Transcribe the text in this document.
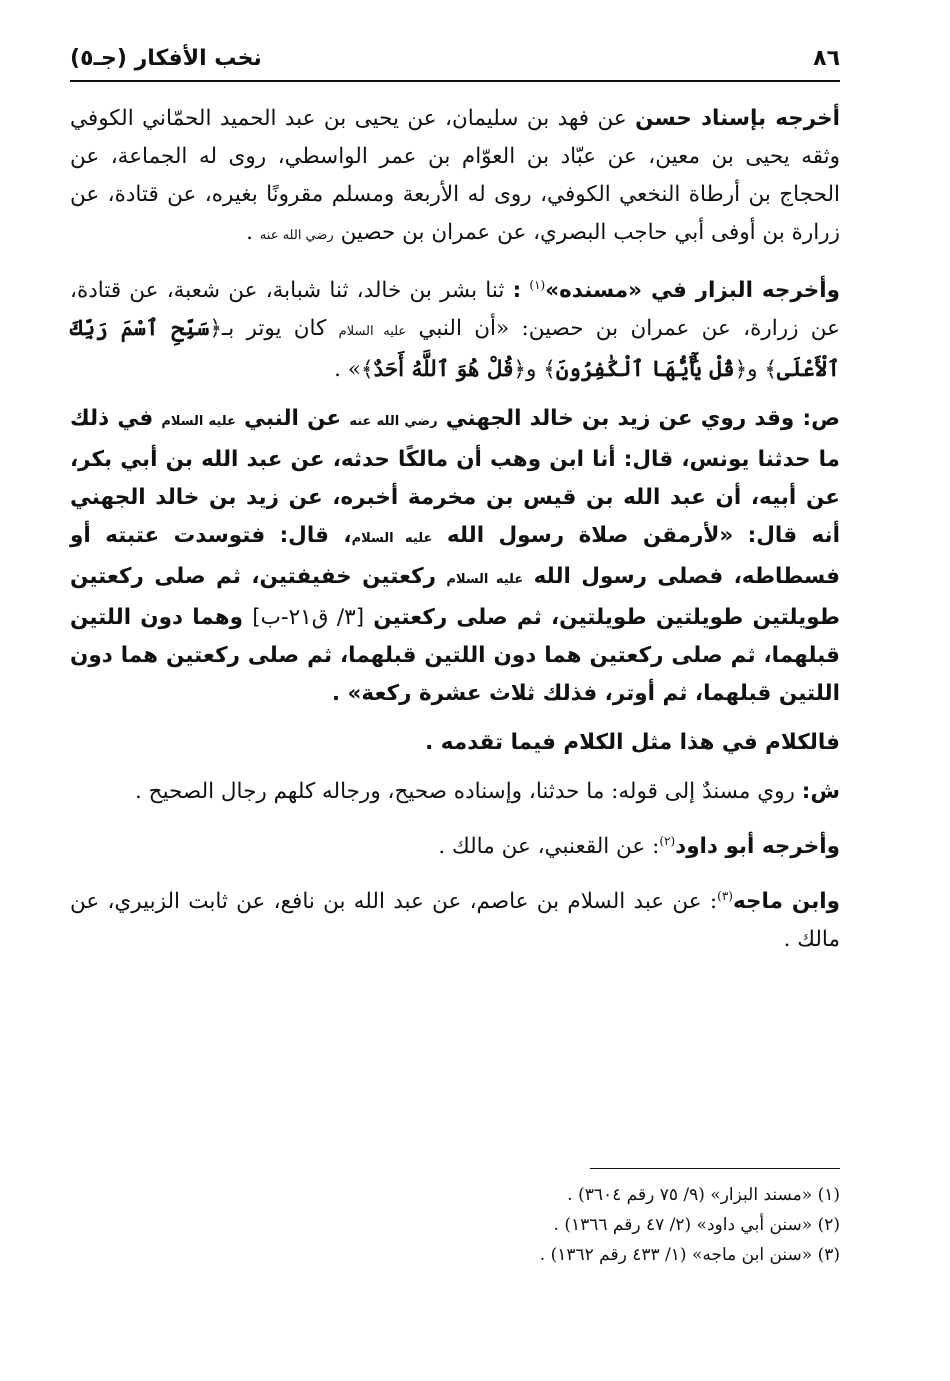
٨٦
نخب الأفكار (جـ٥)

أخرجه بإسناد حسن عن فهد بن سليمان، عن يحيى بن عبد الحميد الحمّاني الكوفي وثقه يحيى بن معين، عن عبّاد بن العوّام بن عمر الواسطي، روى له الجماعة، عن الحجاج بن أرطاة النخعي الكوفي، روى له الأربعة ومسلم مقرونًا بغيره، عن قتادة، عن زرارة بن أوفى أبي حاجب البصري، عن عمران بن حصين رضي الله عنه .

وأخرجه البزار في «مسنده»$^{(١)}$ : ثنا بشر بن خالد، ثنا شبابة، عن شعبة، عن قتادة، عن زرارة، عن عمران بن حصين: «أن النبي عليه السلام كان يوتر بـ﴿سَبِّحِ ٱسْمَ رَبِّكَ ٱلْأَعْلَى﴾ و﴿قُلْ يَٰٓأَيُّهَا ٱلْكَٰفِرُونَ﴾ و﴿قُلْ هُوَ ٱللَّهُ أَحَدٌ﴾» .

ص: وقد روي عن زيد بن خالد الجهني رضي الله عنه عن النبي عليه السلام في ذلك ما حدثنا يونس، قال: أنا ابن وهب أن مالكًا حدثه، عن عبد الله بن أبي بكر، عن أبيه، أن عبد الله بن قيس بن مخرمة أخبره، عن زيد بن خالد الجهني أنه قال: «لأرمقن صلاة رسول الله عليه السلام، قال: فتوسدت عتبته أو فسطاطه، فصلى رسول الله عليه السلام ركعتين خفيفتين، ثم صلى ركعتين طويلتين طويلتين طويلتين، ثم صلى ركعتين [٣/ ق٢١-ب] وهما دون اللتين قبلهما، ثم صلى ركعتين هما دون اللتين قبلهما، ثم صلى ركعتين هما دون اللتين قبلهما، ثم أوتر، فذلك ثلاث عشرة ركعة» .

فالكلام في هذا مثل الكلام فيما تقدمه .

ش: روي مسندٌ إلى قوله: ما حدثنا، وإسناده صحيح، ورجاله كلهم رجال الصحيح .

وأخرجه أبو داود$^{(٢)}$: عن القعنبي، عن مالك .

وابن ماجه$^{(٣)}$: عن عبد السلام بن عاصم، عن عبد الله بن نافع، عن ثابت الزبيري، عن مالك .

(١) «مسند البزار» (٩/ ٧٥ رقم ٣٦٠٤) .

(٢) «سنن أبي داود» (٢/ ٤٧ رقم ١٣٦٦) .

(٣) «سنن ابن ماجه» (١/ ٤٣٣ رقم ١٣٦٢) .
